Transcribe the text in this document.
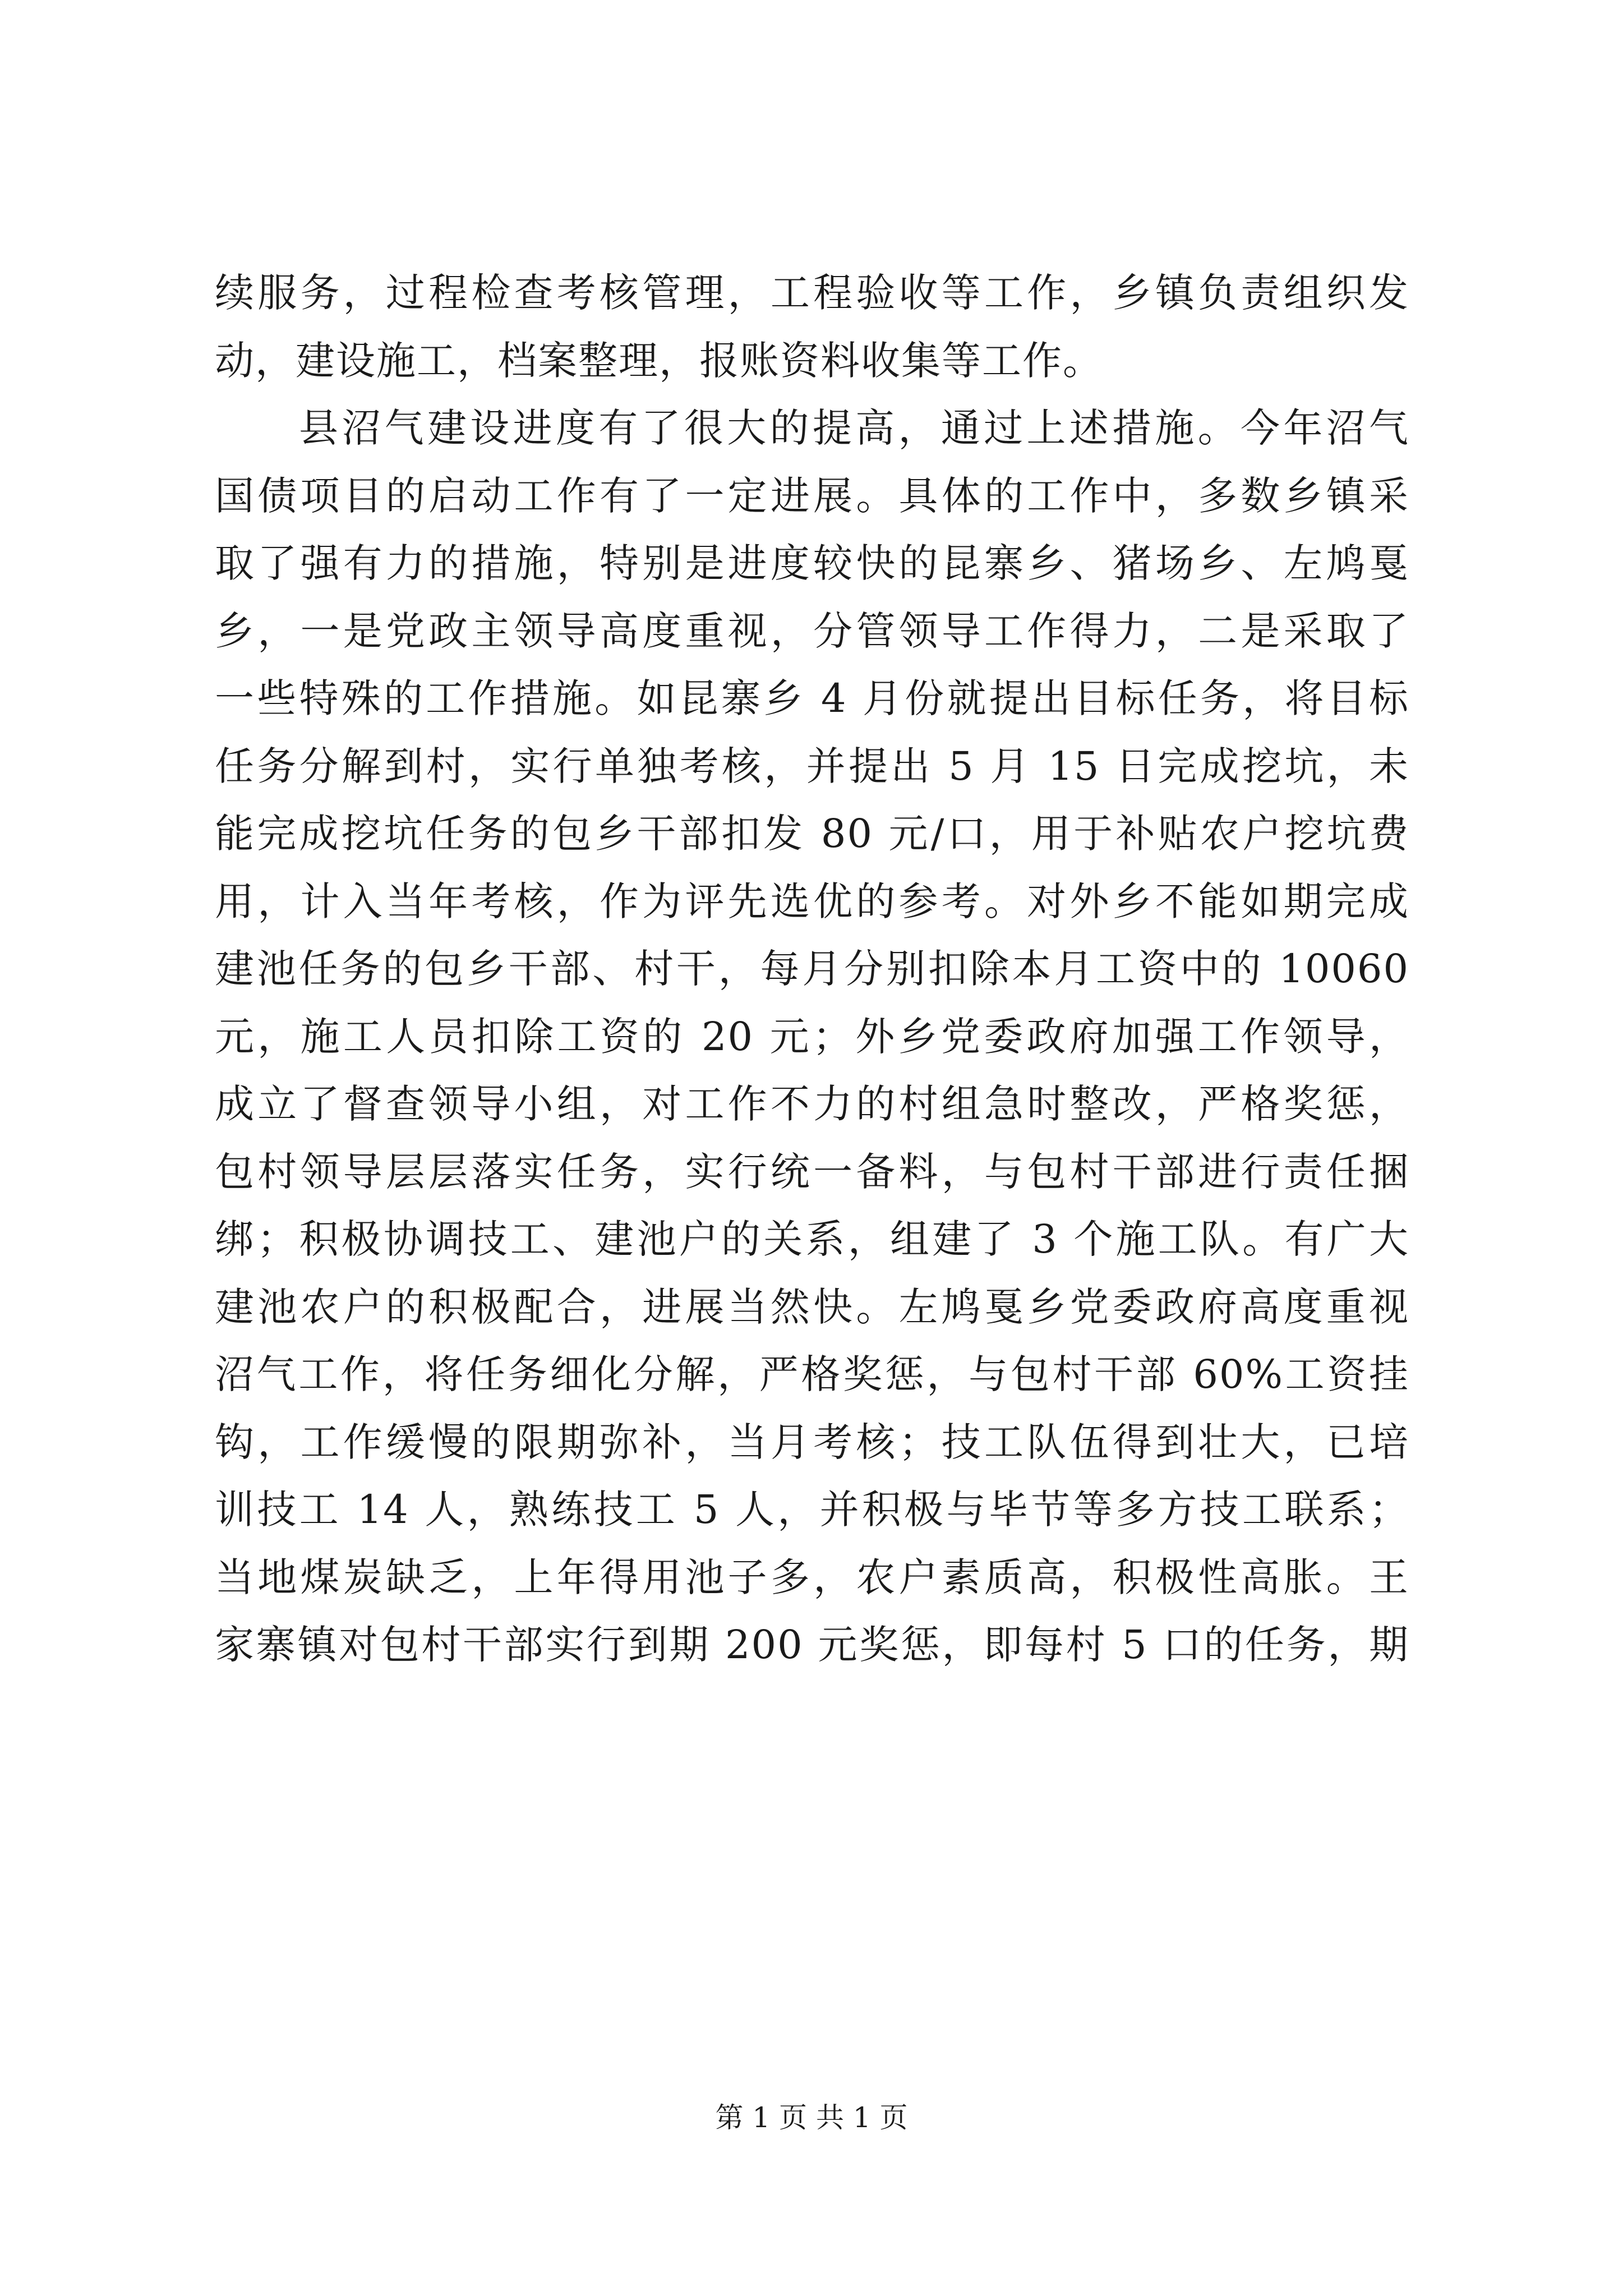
续服务，过程检查考核管理，工程验收等工作，乡镇负责组织发
动，建设施工，档案整理，报账资料收集等工作。
县沼气建设进度有了很大的提高，通过上述措施。今年沼气
国债项目的启动工作有了一定进展。具体的工作中，多数乡镇采
取了强有力的措施，特别是进度较快的昆寨乡、猪场乡、左鸠戛
乡，一是党政主领导高度重视，分管领导工作得力，二是采取了
一些特殊的工作措施。如昆寨乡 4 月份就提出目标任务，将目标
任务分解到村，实行单独考核，并提出 5 月 15 日完成挖坑，未
能完成挖坑任务的包乡干部扣发 80 元/口，用于补贴农户挖坑费
用，计入当年考核，作为评先选优的参考。对外乡不能如期完成
建池任务的包乡干部、村干，每月分别扣除本月工资中的 10060
元，施工人员扣除工资的 20 元；外乡党委政府加强工作领导，
成立了督查领导小组，对工作不力的村组急时整改，严格奖惩，
包村领导层层落实任务，实行统一备料，与包村干部进行责任捆
绑；积极协调技工、建池户的关系，组建了 3 个施工队。有广大
建池农户的积极配合，进展当然快。左鸠戛乡党委政府高度重视
沼气工作，将任务细化分解，严格奖惩，与包村干部 60%工资挂
钩，工作缓慢的限期弥补，当月考核；技工队伍得到壮大，已培
训技工 14 人，熟练技工 5 人，并积极与毕节等多方技工联系；
当地煤炭缺乏，上年得用池子多，农户素质高，积极性高胀。王
家寨镇对包村干部实行到期 200 元奖惩，即每村 5 口的任务，期
第 1 页 共 1 页
